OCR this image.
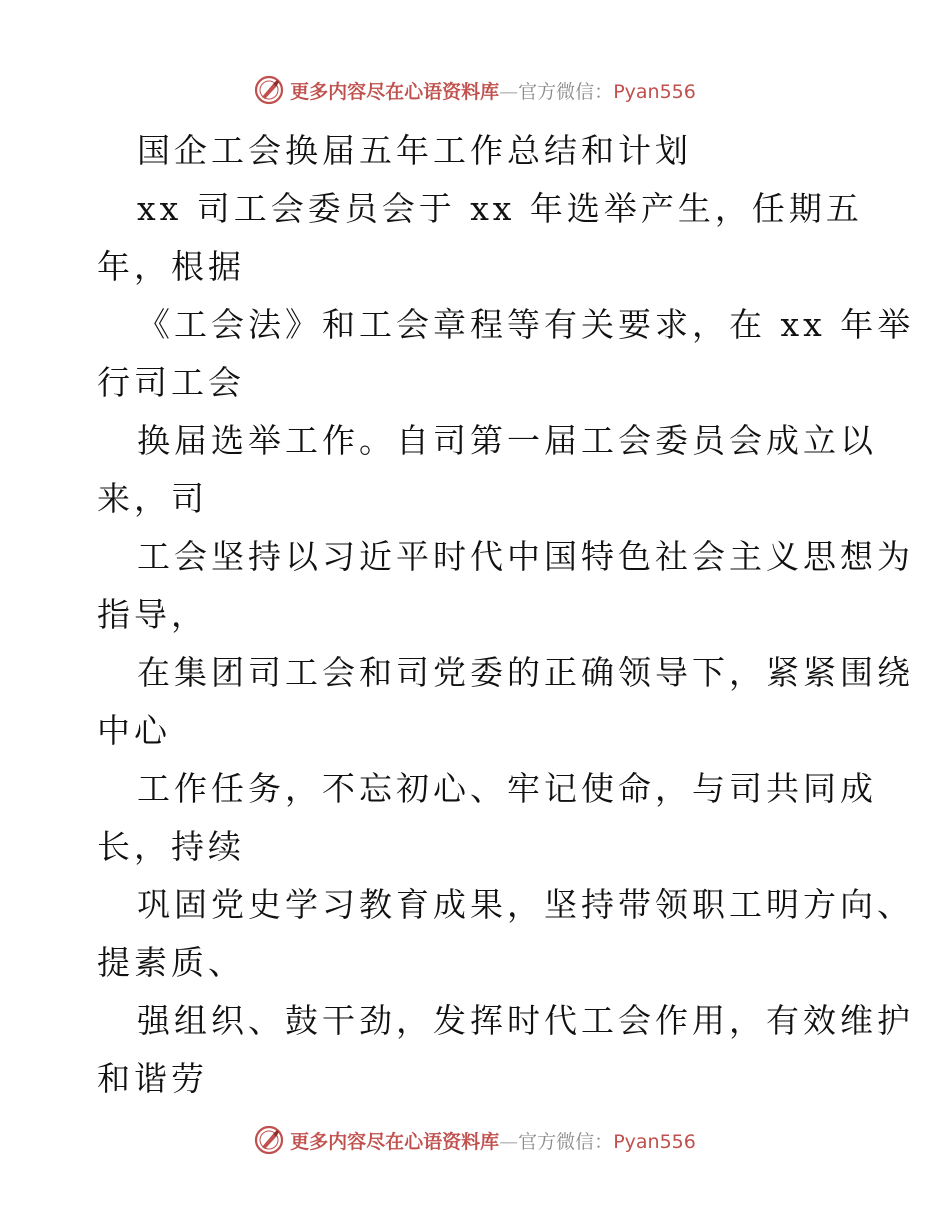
更多内容尽在心语资料库—官方微信：Pyan556
国企工会换届五年工作总结和计划
xx 司工会委员会于 xx 年选举产生，任期五
年，根据
《工会法》和工会章程等有关要求，在 xx 年举
行司工会
换届选举工作。自司第一届工会委员会成立以
来，司
工会坚持以习近平时代中国特色社会主义思想为
指导，
在集团司工会和司党委的正确领导下，紧紧围绕
中心
工作任务，不忘初心、牢记使命，与司共同成
长，持续
巩固党史学习教育成果，坚持带领职工明方向、
提素质、
强组织、鼓干劲，发挥时代工会作用，有效维护
和谐劳
更多内容尽在心语资料库—官方微信：Pyan556
